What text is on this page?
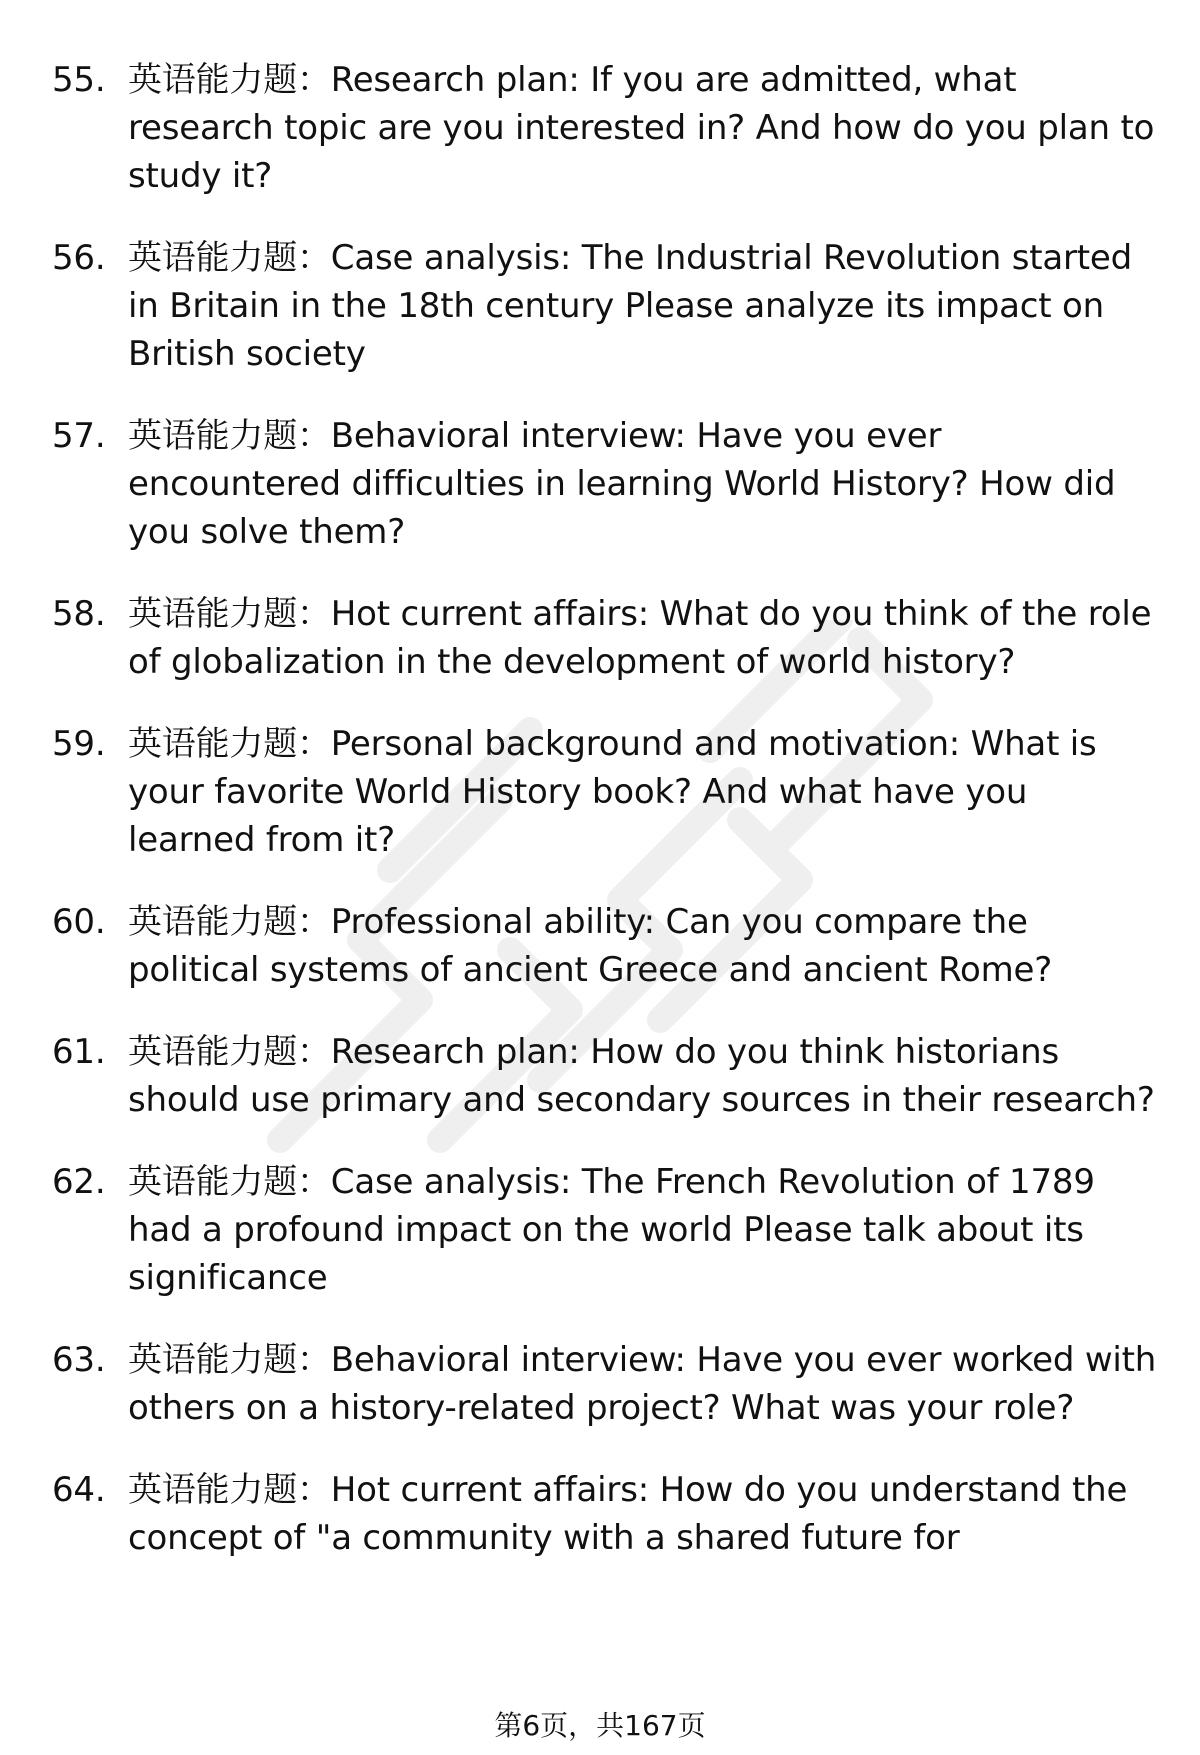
55. 英语能力题：Research plan: If you are admitted, what research topic are you interested in? And how do you plan to study it?
56. 英语能力题：Case analysis: The Industrial Revolution started in Britain in the 18th century Please analyze its impact on British society
57. 英语能力题：Behavioral interview: Have you ever encountered difficulties in learning World History? How did you solve them?
58. 英语能力题：Hot current affairs: What do you think of the role of globalization in the development of world history?
59. 英语能力题：Personal background and motivation: What is your favorite World History book? And what have you learned from it?
60. 英语能力题：Professional ability: Can you compare the political systems of ancient Greece and ancient Rome?
61. 英语能力题：Research plan: How do you think historians should use primary and secondary sources in their research?
62. 英语能力题：Case analysis: The French Revolution of 1789 had a profound impact on the world Please talk about its significance
63. 英语能力题：Behavioral interview: Have you ever worked with others on a history-related project? What was your role?
64. 英语能力题：Hot current affairs: How do you understand the concept of "a community with a shared future for
第6页，共167页
